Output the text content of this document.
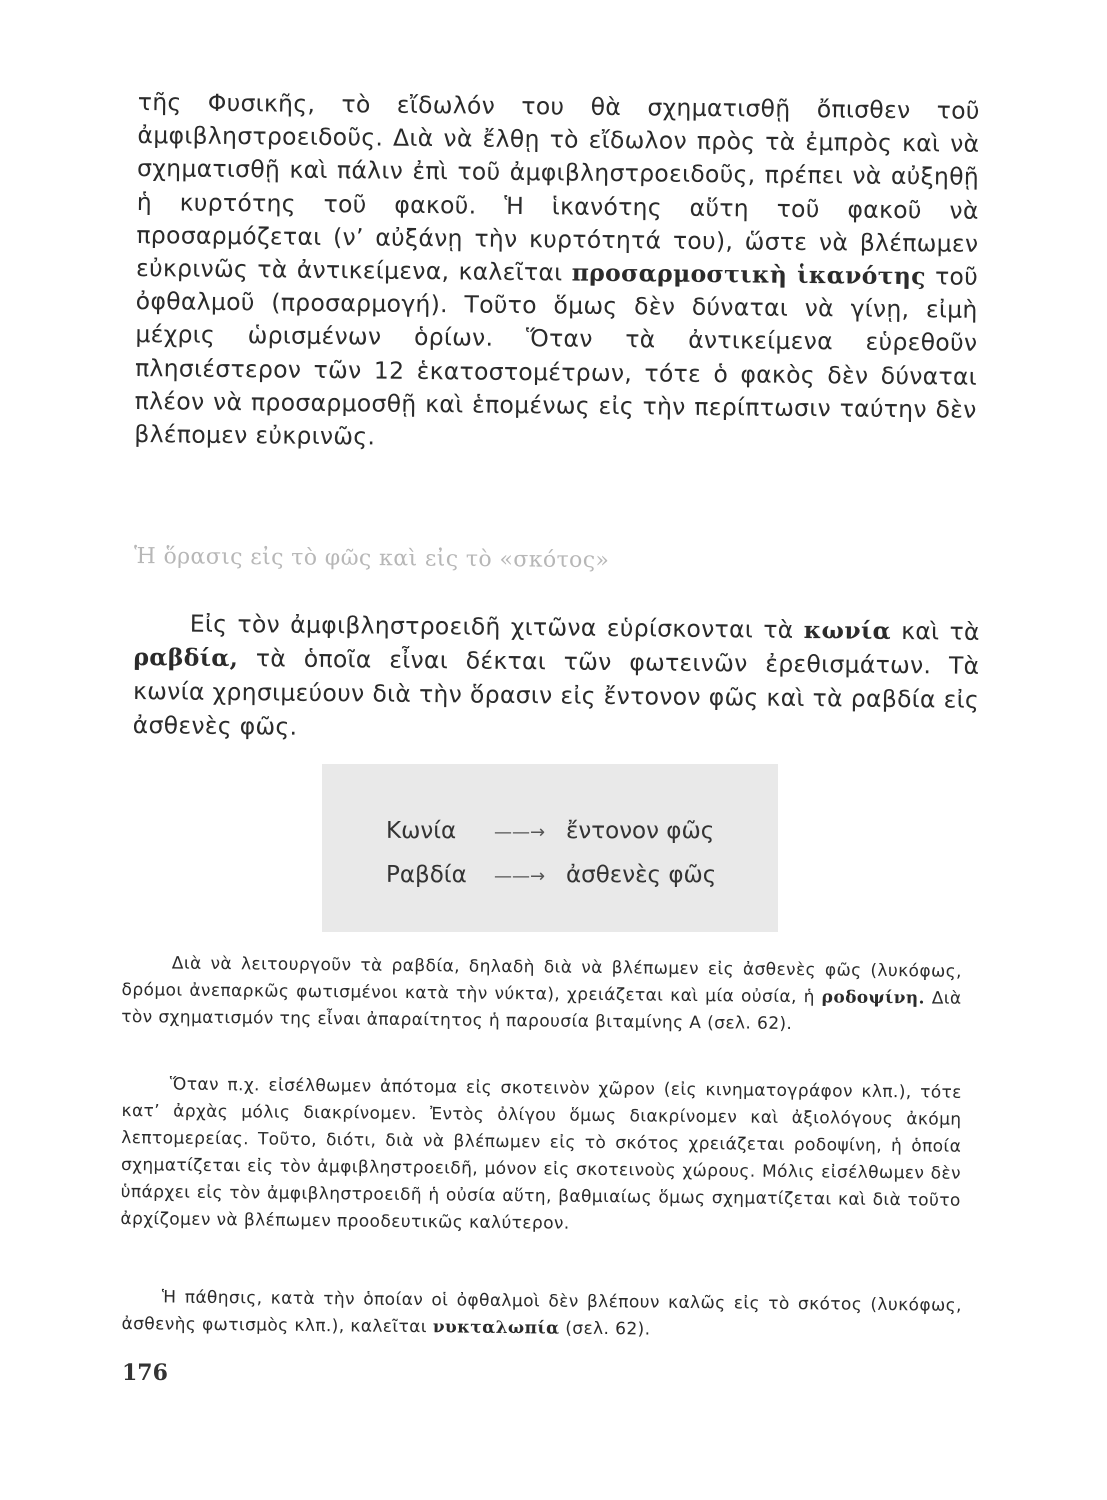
τῆς Φυσικῆς, τὸ εἴδωλόν του θὰ σχηματισθῇ ὄπισθεν τοῦ ἀμφιβληστροειδοῦς. Διὰ νὰ ἔλθῃ τὸ εἴδωλον πρὸς τὰ ἐμπρὸς καὶ νὰ σχηματισθῇ καὶ πάλιν ἐπὶ τοῦ ἀμφιβληστροειδοῦς, πρέπει νὰ αὐξηθῇ ἡ κυρτότης τοῦ φακοῦ. Ἡ ἱκανότης αὕτη τοῦ φακοῦ νὰ προσαρμόζεται (ν’ αὐξάνῃ τὴν κυρτότητά του), ὥστε νὰ βλέπωμεν εὐκρινῶς τὰ ἀντικείμενα, καλεῖται προσαρμοστικὴ ἱκανότης τοῦ ὀφθαλμοῦ (προσαρμογή). Τοῦτο ὅμως δὲν δύναται νὰ γίνῃ, εἰμὴ μέχρις ὡρισμένων ὁρίων. Ὅταν τὰ ἀντικείμενα εὑρεθοῦν πλησιέστερον τῶν 12 ἑκατοστομέτρων, τότε ὁ φακὸς δὲν δύναται πλέον νὰ προσαρμοσθῇ καὶ ἑπομένως εἰς τὴν περίπτωσιν ταύτην δὲν βλέπομεν εὐκρινῶς.

Ἡ ὅρασις εἰς τὸ φῶς καὶ εἰς τὸ «σκότος»

Εἰς τὸν ἀμφιβληστροειδῆ χιτῶνα εὑρίσκονται τὰ κωνία καὶ τὰ ραβδία, τὰ ὁποῖα εἶναι δέκται τῶν φωτεινῶν ἐρεθισμάτων. Τὰ κωνία χρησιμεύουν διὰ τὴν ὅρασιν εἰς ἔντονον φῶς καὶ τὰ ραβδία εἰς ἀσθενὲς φῶς.

Κωνία ——→ ἔντονον φῶς
Ραβδία ——→ ἀσθενὲς φῶς

Διὰ νὰ λειτουργοῦν τὰ ραβδία, δηλαδὴ διὰ νὰ βλέπωμεν εἰς ἀσθενὲς φῶς (λυκόφως, δρόμοι ἀνεπαρκῶς φωτισμένοι κατὰ τὴν νύκτα), χρειάζεται καὶ μία οὐσία, ἡ ροδοψίνη. Διὰ τὸν σχηματισμόν της εἶναι ἀπαραίτητος ἡ παρουσία βιταμίνης Α (σελ. 62).

Ὅταν π.χ. εἰσέλθωμεν ἀπότομα εἰς σκοτεινὸν χῶρον (εἰς κινηματογράφον κλπ.), τότε κατ’ ἀρχὰς μόλις διακρίνομεν. Ἐντὸς ὀλίγου ὅμως διακρίνομεν καὶ ἀξιολόγους ἀκόμη λεπτομερείας. Τοῦτο, διότι, διὰ νὰ βλέπωμεν εἰς τὸ σκότος χρειάζεται ροδοψίνη, ἡ ὁποία σχηματίζεται εἰς τὸν ἀμφιβληστροειδῆ, μόνον εἰς σκοτεινοὺς χώρους. Μόλις εἰσέλθωμεν δὲν ὑπάρχει εἰς τὸν ἀμφιβληστροειδῆ ἡ οὐσία αὕτη, βαθμιαίως ὅμως σχηματίζεται καὶ διὰ τοῦτο ἀρχίζομεν νὰ βλέπωμεν προοδευτικῶς καλύτερον.

Ἡ πάθησις, κατὰ τὴν ὁποίαν οἱ ὀφθαλμοὶ δὲν βλέπουν καλῶς εἰς τὸ σκότος (λυκόφως, ἀσθενὴς φωτισμὸς κλπ.), καλεῖται νυκταλωπία (σελ. 62).

176
